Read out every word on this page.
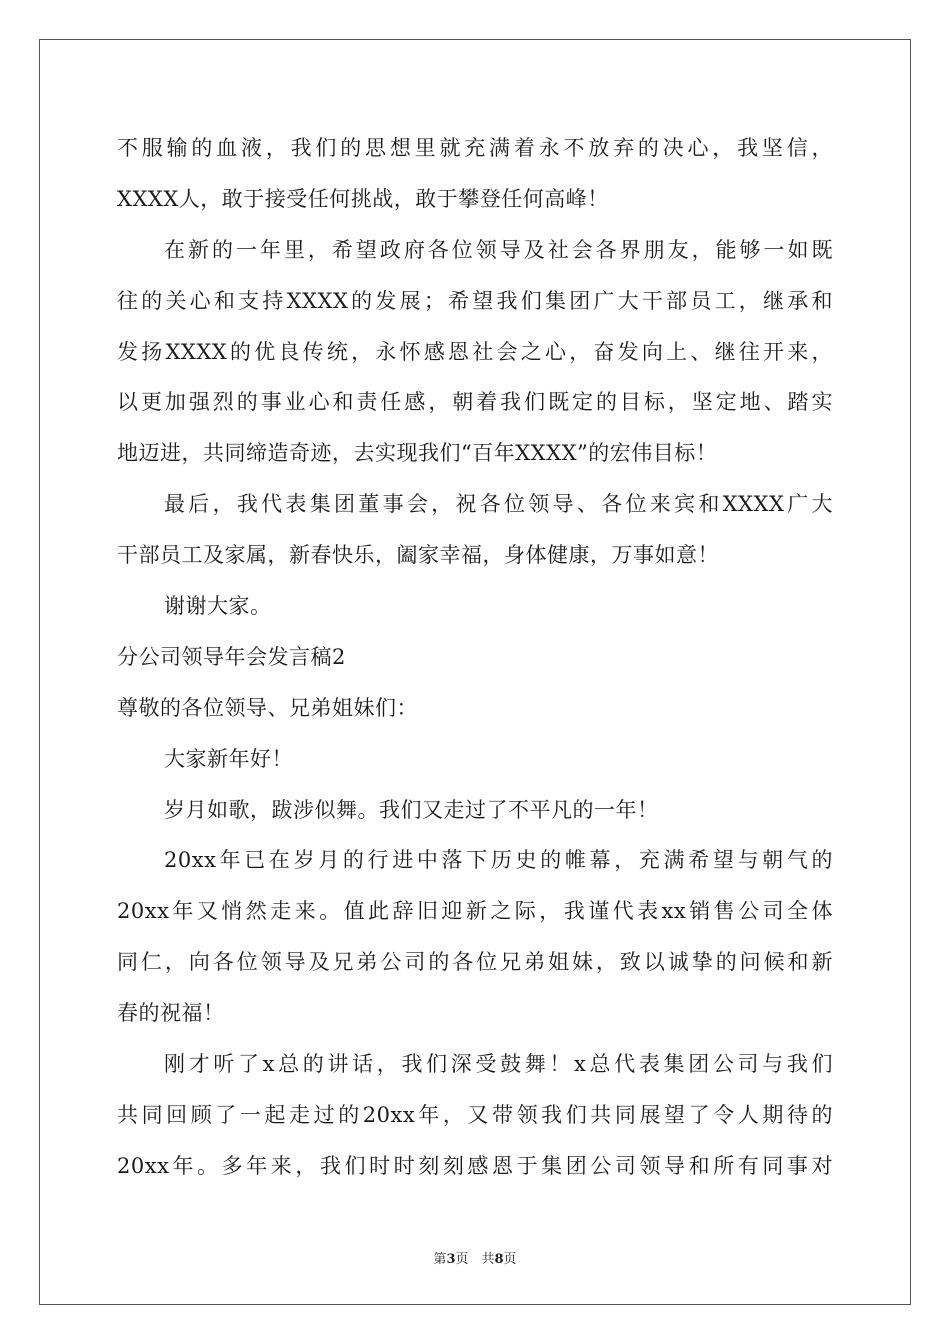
不服输的血液，我们的思想里就充满着永不放弃的决心，我坚信，
XXXX人，敢于接受任何挑战，敢于攀登任何高峰！
在新的一年里，希望政府各位领导及社会各界朋友，能够一如既
往的关心和支持XXXX的发展；希望我们集团广大干部员工，继承和
发扬XXXX的优良传统，永怀感恩社会之心，奋发向上、继往开来，
以更加强烈的事业心和责任感，朝着我们既定的目标，坚定地、踏实
地迈进，共同缔造奇迹，去实现我们“百年XXXX”的宏伟目标！
最后，我代表集团董事会，祝各位领导、各位来宾和XXXX广大
干部员工及家属，新春快乐，阖家幸福，身体健康，万事如意！
谢谢大家。
分公司领导年会发言稿2
尊敬的各位领导、兄弟姐妹们：
大家新年好！
岁月如歌，跋涉似舞。我们又走过了不平凡的一年！
20xx年已在岁月的行进中落下历史的帷幕，充满希望与朝气的
20xx年又悄然走来。值此辞旧迎新之际，我谨代表xx销售公司全体
同仁，向各位领导及兄弟公司的各位兄弟姐妹，致以诚挚的问候和新
春的祝福！
刚才听了x总的讲话，我们深受鼓舞！x总代表集团公司与我们
共同回顾了一起走过的20xx年，又带领我们共同展望了令人期待的
20xx年。多年来，我们时时刻刻感恩于集团公司领导和所有同事对
第3页　共8页
